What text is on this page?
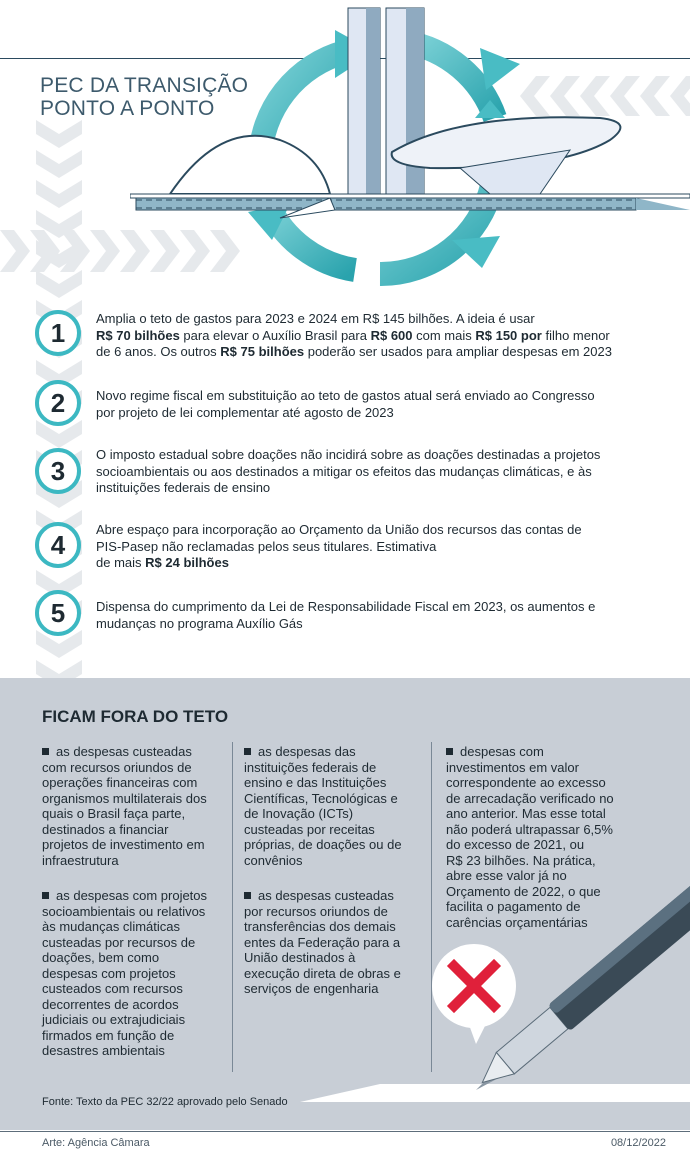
PEC DA TRANSIÇÃO
PONTO A PONTO
1	Amplia o teto de gastos para 2023 e 2024 em R$ 145 bilhões. A ideia é usar
R$ 70 bilhões para elevar o Auxílio Brasil para R$ 600 com mais R$ 150 por filho menor
de 6 anos. Os outros R$ 75 bilhões poderão ser usados para ampliar despesas em 2023
2	Novo regime fiscal em substituição ao teto de gastos atual será enviado ao Congresso
por projeto de lei complementar até agosto de 2023
3
O imposto estadual sobre doações não incidirá sobre as doações destinadas a projetos
socioambientais ou aos destinados a mitigar os efeitos das mudanças climáticas, e às
instituições federais de ensino
4	Abre espaço para incorporação ao Orçamento da União dos recursos das contas de
PIS-Pasep não reclamadas pelos seus titulares. Estimativa
de mais R$ 24 bilhões
5	Dispensa do cumprimento da Lei de Responsabilidade Fiscal em 2023, os aumentos e
mudanças no programa Auxílio Gás
FICAM FORA DO TETO

as despesas custeadas
com recursos oriundos de
operações financeiras com
organismos multilaterais dos
quais o Brasil faça parte,
destinados a financiar
projetos de investimento em
infraestrutura

as despesas com projetos
socioambientais ou relativos
às mudanças climáticas
custeadas por recursos de
doações, bem como
despesas com projetos
custeados com recursos
decorrentes de acordos
judiciais ou extrajudiciais
firmados em função de
desastres ambientais

as despesas das
instituições federais de
ensino e das Instituições
Científicas, Tecnológicas e
de Inovação (ICTs)
custeadas por receitas
próprias, de doações ou de
convênios

as despesas custeadas
por recursos oriundos de
transferências dos demais
entes da Federação para a
União destinados à
execução direta de obras e
serviços de engenharia

despesas com
investimentos em valor
correspondente ao excesso
de arrecadação verificado no
ano anterior. Mas esse total
não poderá ultrapassar 6,5%
do excesso de 2021, ou
R$ 23 bilhões. Na prática,
abre esse valor já no
Orçamento de 2022, o que
facilita o pagamento de
carências orçamentárias

Fonte: Texto da PEC 32/22 aprovado pelo Senado
Arte: Agência Câmara	08/12/2022
